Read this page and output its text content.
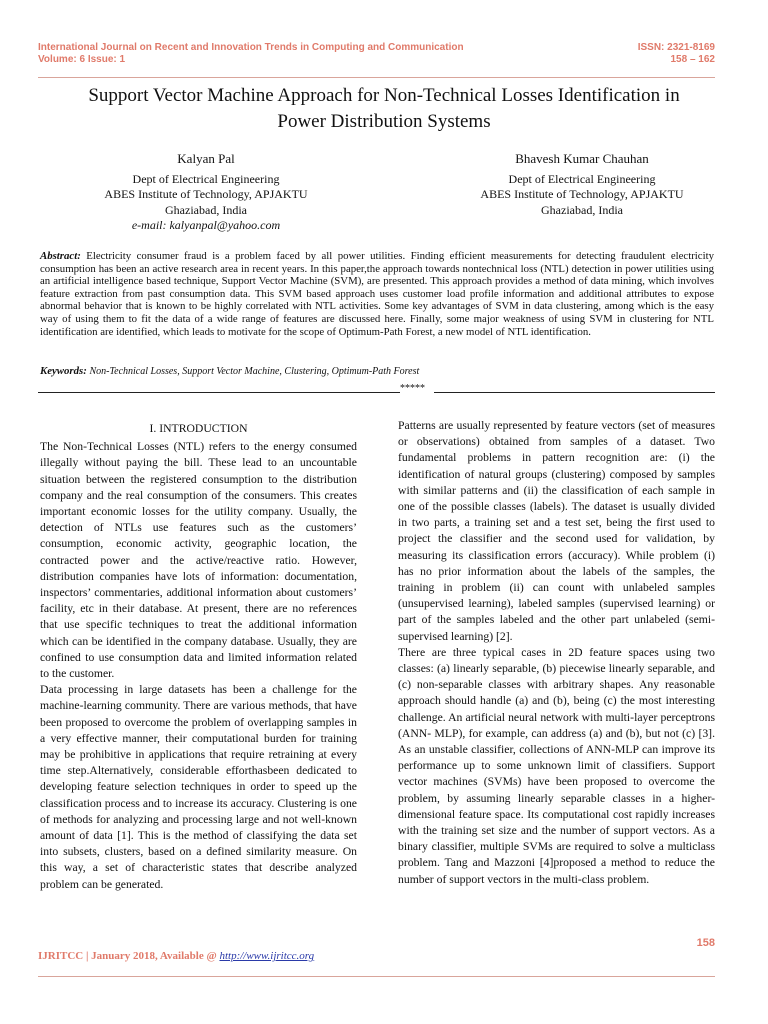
International Journal on Recent and Innovation Trends in Computing and Communication
Volume: 6 Issue: 1
ISSN: 2321-8169
158 – 162
Support Vector Machine Approach for Non-Technical Losses Identification in
Power Distribution Systems
Kalyan Pal
Dept of Electrical Engineering
ABES Institute of Technology, APJAKTU
Ghaziabad, India
e-mail: kalyanpal@yahoo.com
Bhavesh Kumar Chauhan
Dept of Electrical Engineering
ABES Institute of Technology, APJAKTU
Ghaziabad, India
Abstract: Electricity consumer fraud is a problem faced by all power utilities. Finding efficient measurements for detecting fraudulent electricity consumption has been an active research area in recent years. In this paper,the approach towards nontechnical loss (NTL) detection in power utilities using an artificial intelligence based technique, Support Vector Machine (SVM), are presented. This approach provides a method of data mining, which involves feature extraction from past consumption data. This SVM based approach uses customer load profile information and additional attributes to expose abnormal behavior that is known to be highly correlated with NTL activities. Some key advantages of SVM in data clustering, among which is the easy way of using them to fit the data of a wide range of features are discussed here. Finally, some major weakness of using SVM in clustering for NTL identification are identified, which leads to motivate for the scope of Optimum-Path Forest, a new model of NTL identification.
Keywords: Non-Technical Losses, Support Vector Machine, Clustering, Optimum-Path Forest
*****
I. INTRODUCTION

The Non-Technical Losses (NTL) refers to the energy consumed illegally without paying the bill. These lead to an uncountable situation between the registered consumption to the distribution company and the real consumption of the consumers. This creates important economic losses for the utility company. Usually, the detection of NTLs use features such as the customers’ consumption, economic activity, geographic location, the contracted power and the active/reactive ratio. However, distribution companies have lots of information: documentation, inspectors’ commentaries, additional information about customers’ facility, etc in their database. At present, there are no references that use specific techniques to treat the additional information which can be identified in the company database. Usually, they are confined to use consumption data and limited information related to the customer.

Data processing in large datasets has been a challenge for the machine-learning community. There are various methods, that have been proposed to overcome the problem of overlapping samples in a very effective manner, their computational burden for training may be prohibitive in applications that require retraining at every time step.Alternatively, considerable efforthasbeen dedicated to developing feature selection techniques in order to speed up the classification process and to increase its accuracy. Clustering is one of methods for analyzing and processing large and not well-known amount of data [1]. This is the method of classifying the data set into subsets, clusters, based on a defined similarity measure. On this way, a set of characteristic states that describe analyzed problem can be generated.

Patterns are usually represented by feature vectors (set of measures or observations) obtained from samples of a dataset. Two fundamental problems in pattern recognition are: (i) the identification of natural groups (clustering) composed by samples with similar patterns and (ii) the classification of each sample in one of the possible classes (labels). The dataset is usually divided in two parts, a training set and a test set, being the first used to project the classifier and the second used for validation, by measuring its classification errors (accuracy). While problem (i) has no prior information about the labels of the samples, the training in problem (ii) can count with unlabeled samples (unsupervised learning), labeled samples (supervised learning) or part of the samples labeled and the other part unlabeled (semi-supervised learning) [2].

There are three typical cases in 2D feature spaces using two classes: (a) linearly separable, (b) piecewise linearly separable, and (c) non-separable classes with arbitrary shapes. Any reasonable approach should handle (a) and (b), being (c) the most interesting challenge. An artificial neural network with multi-layer perceptrons (ANN- MLP), for example, can address (a) and (b), but not (c) [3]. As an unstable classifier, collections of ANN-MLP can improve its performance up to some unknown limit of classifiers. Support vector machines (SVMs) have been proposed to overcome the problem, by assuming linearly separable classes in a higher-dimensional feature space. Its computational cost rapidly increases with the training set size and the number of support vectors. As a binary classifier, multiple SVMs are required to solve a multiclass problem. Tang and Mazzoni [4]proposed a method to reduce the number of support vectors in the multi-class problem.

158
IJRITCC | January 2018, Available @ http://www.ijritcc.org
